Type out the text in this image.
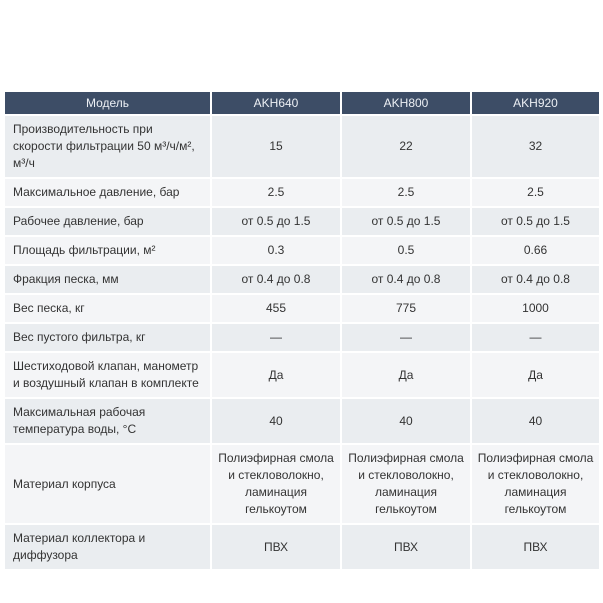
Модель	AKH640	AKH800	AKH920
Производительность при скорости фильтрации 50 м³/ч/м², м³/ч	15	22	32
Максимальное давление, бар	2.5	2.5	2.5
Рабочее давление, бар	от 0.5 до 1.5	от 0.5 до 1.5	от 0.5 до 1.5
Площадь фильтрации, м²	0.3	0.5	0.66
Фракция песка, мм	от 0.4 до 0.8	от 0.4 до 0.8	от 0.4 до 0.8
Вес песка, кг	455	775	1000
Вес пустого фильтра, кг	—	—	—
Шестиходовой клапан, манометр и воздушный клапан в комплекте	Да	Да	Да
Максимальная рабочая температура воды, °С	40	40	40
Материал корпуса	Полиэфирная смола и стекловолокно, ламинация гелькоутом	Полиэфирная смола и стекловолокно, ламинация гелькоутом	Полиэфирная смола и стекловолокно, ламинация гелькоутом
Материал коллектора и диффузора	ПВХ	ПВХ	ПВХ
